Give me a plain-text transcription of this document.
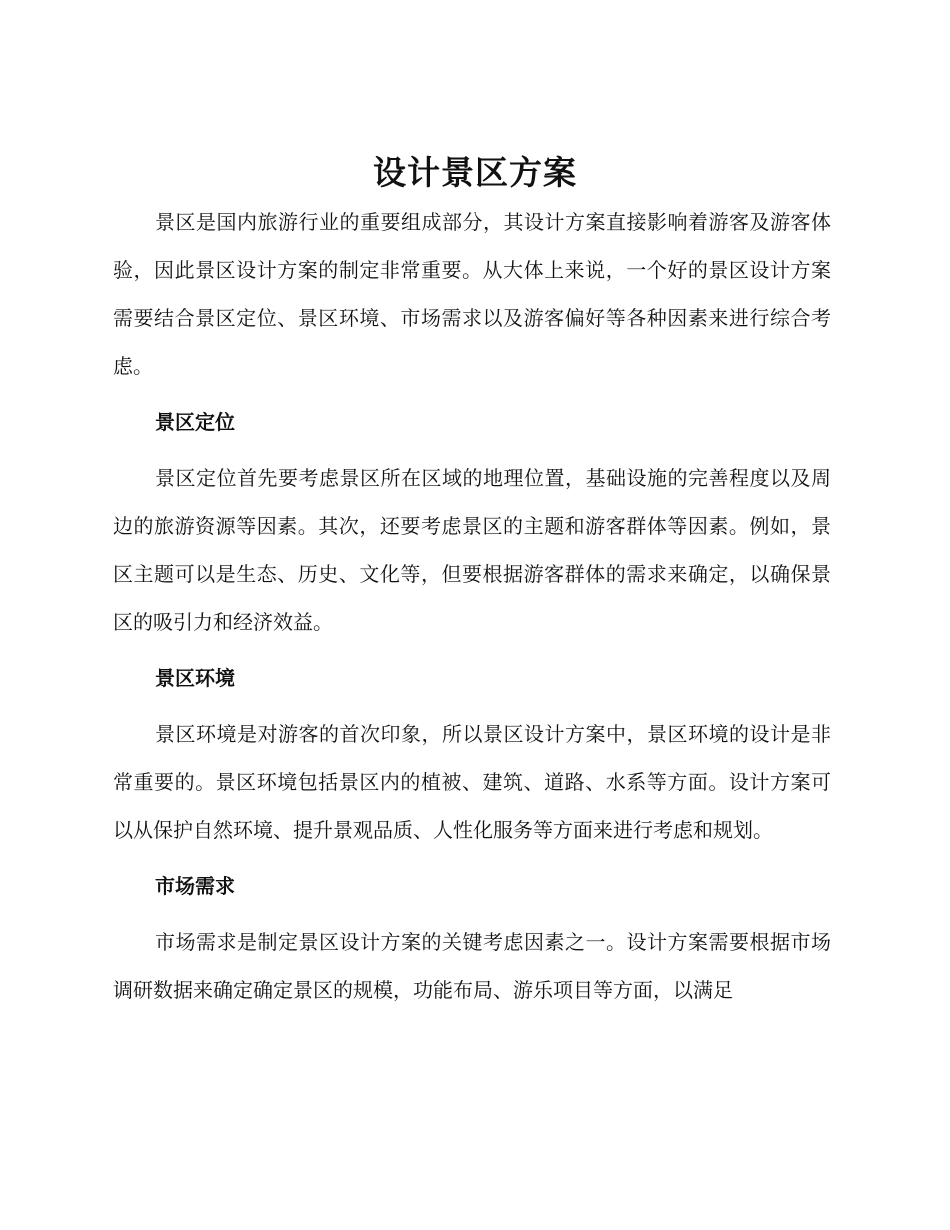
设计景区方案

景区是国内旅游行业的重要组成部分，其设计方案直接影响着游客及游客体验，因此景区设计方案的制定非常重要。从大体上来说，一个好的景区设计方案需要结合景区定位、景区环境、市场需求以及游客偏好等各种因素来进行综合考虑。

景区定位

景区定位首先要考虑景区所在区域的地理位置，基础设施的完善程度以及周边的旅游资源等因素。其次，还要考虑景区的主题和游客群体等因素。例如，景区主题可以是生态、历史、文化等，但要根据游客群体的需求来确定，以确保景区的吸引力和经济效益。

景区环境

景区环境是对游客的首次印象，所以景区设计方案中，景区环境的设计是非常重要的。景区环境包括景区内的植被、建筑、道路、水系等方面。设计方案可以从保护自然环境、提升景观品质、人性化服务等方面来进行考虑和规划。

市场需求

市场需求是制定景区设计方案的关键考虑因素之一。设计方案需要根据市场调研数据来确定确定景区的规模，功能布局、游乐项目等方面，以满足
